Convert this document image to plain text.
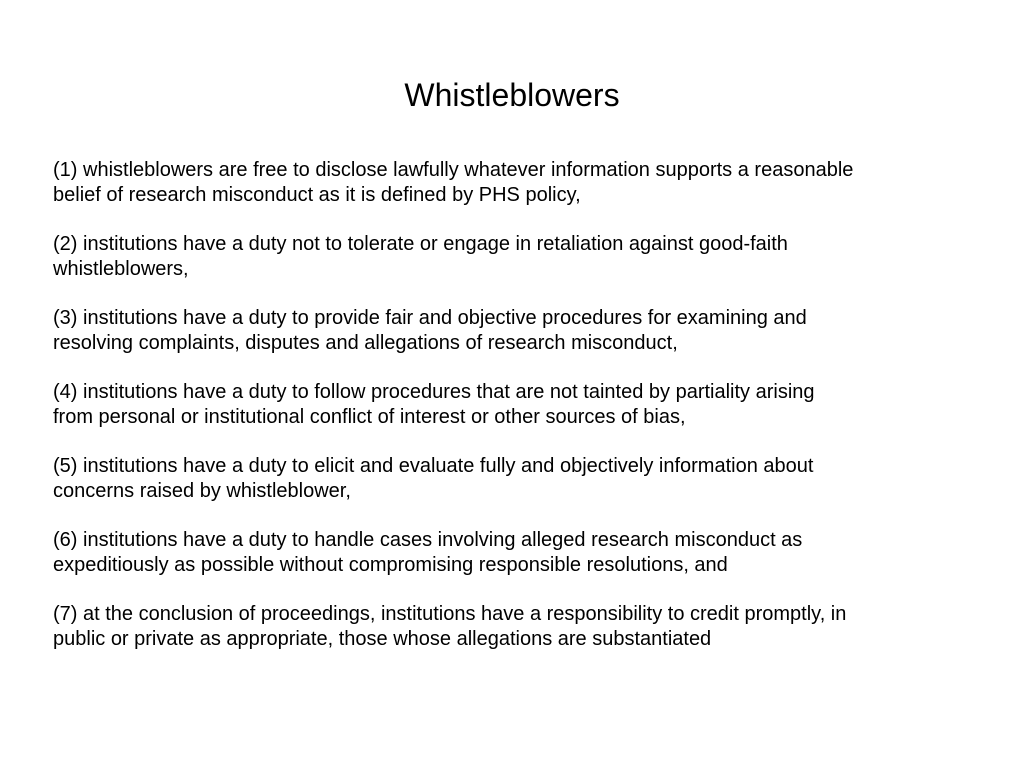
Whistleblowers

(1) whistleblowers are free to disclose lawfully whatever information supports a reasonable
belief of research misconduct as it is defined by PHS policy,

(2) institutions have a duty not to tolerate or engage in retaliation against good-faith
whistleblowers,

(3) institutions have a duty to provide fair and objective procedures for examining and
resolving complaints, disputes and allegations of research misconduct,

(4) institutions have a duty to follow procedures that are not tainted by partiality arising
from personal or institutional conflict of interest or other sources of bias,

(5) institutions have a duty to elicit and evaluate fully and objectively information about
concerns raised by whistleblower,

(6) institutions have a duty to handle cases involving alleged research misconduct as
expeditiously as possible without compromising responsible resolutions, and

(7) at the conclusion of proceedings, institutions have a responsibility to credit promptly, in
public or private as appropriate, those whose allegations are substantiated
